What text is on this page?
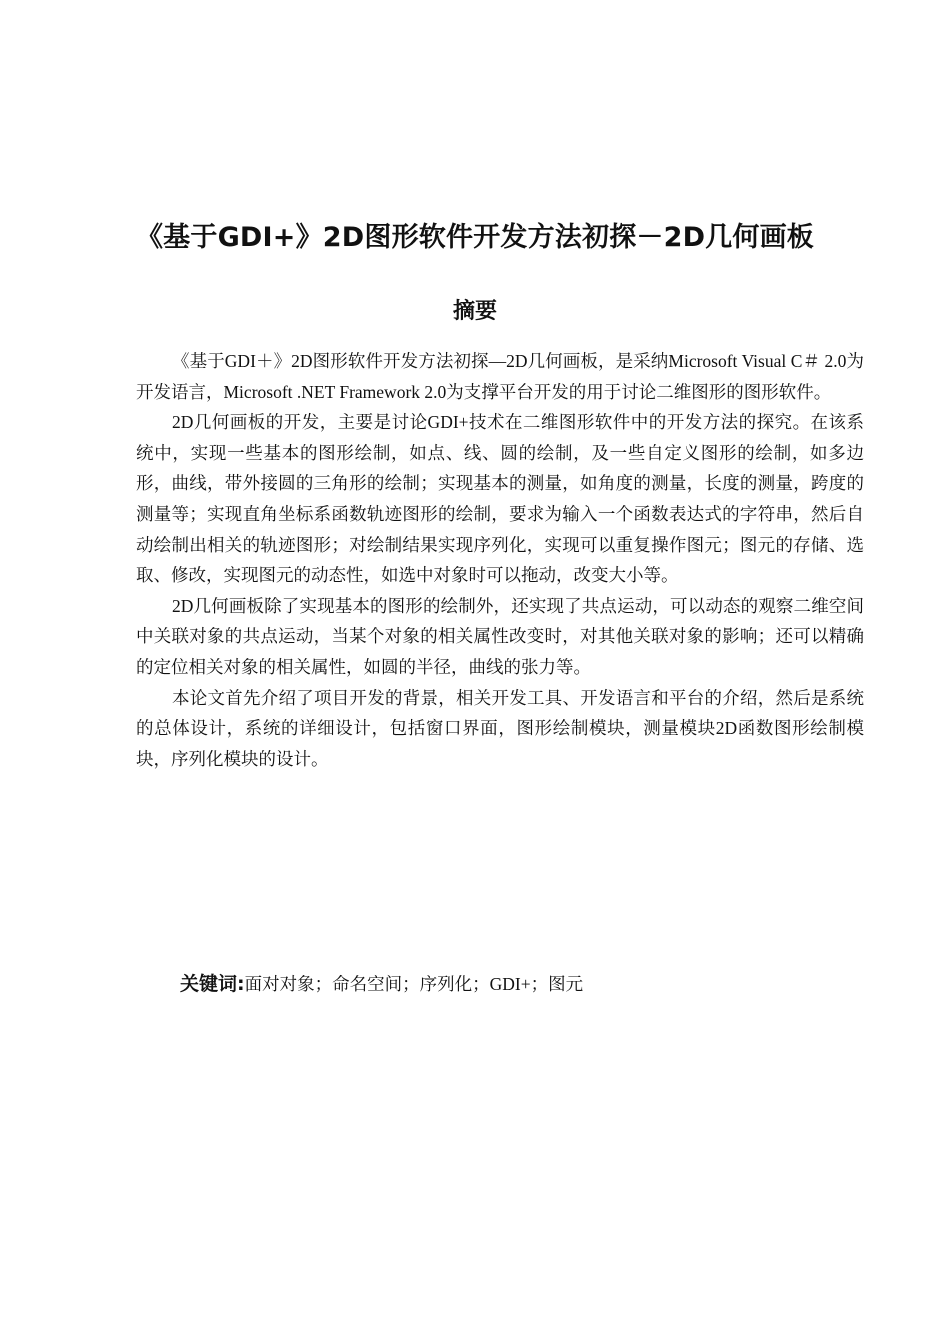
《基于GDI+》2D图形软件开发方法初探－2D几何画板
摘要

《基于GDI＋》2D图形软件开发方法初探—2D几何画板，是采纳Microsoft Visual C＃ 2.0为开发语言，Microsoft .NET Framework 2.0为支撑平台开发的用于讨论二维图形的图形软件。

2D几何画板的开发，主要是讨论GDI+技术在二维图形软件中的开发方法的探究。在该系统中，实现一些基本的图形绘制，如点、线、圆的绘制，及一些自定义图形的绘制，如多边形，曲线，带外接圆的三角形的绘制；实现基本的测量，如角度的测量，长度的测量，跨度的测量等；实现直角坐标系函数轨迹图形的绘制，要求为输入一个函数表达式的字符串，然后自动绘制出相关的轨迹图形；对绘制结果实现序列化，实现可以重复操作图元；图元的存储、选取、修改，实现图元的动态性，如选中对象时可以拖动，改变大小等。

2D几何画板除了实现基本的图形的绘制外，还实现了共点运动，可以动态的观察二维空间中关联对象的共点运动，当某个对象的相关属性改变时，对其他关联对象的影响；还可以精确的定位相关对象的相关属性，如圆的半径，曲线的张力等。

本论文首先介绍了项目开发的背景，相关开发工具、开发语言和平台的介绍，然后是系统的总体设计，系统的详细设计，包括窗口界面，图形绘制模块，测量模块2D函数图形绘制模块，序列化模块的设计。

关键词:面对对象；命名空间；序列化；GDI+；图元
